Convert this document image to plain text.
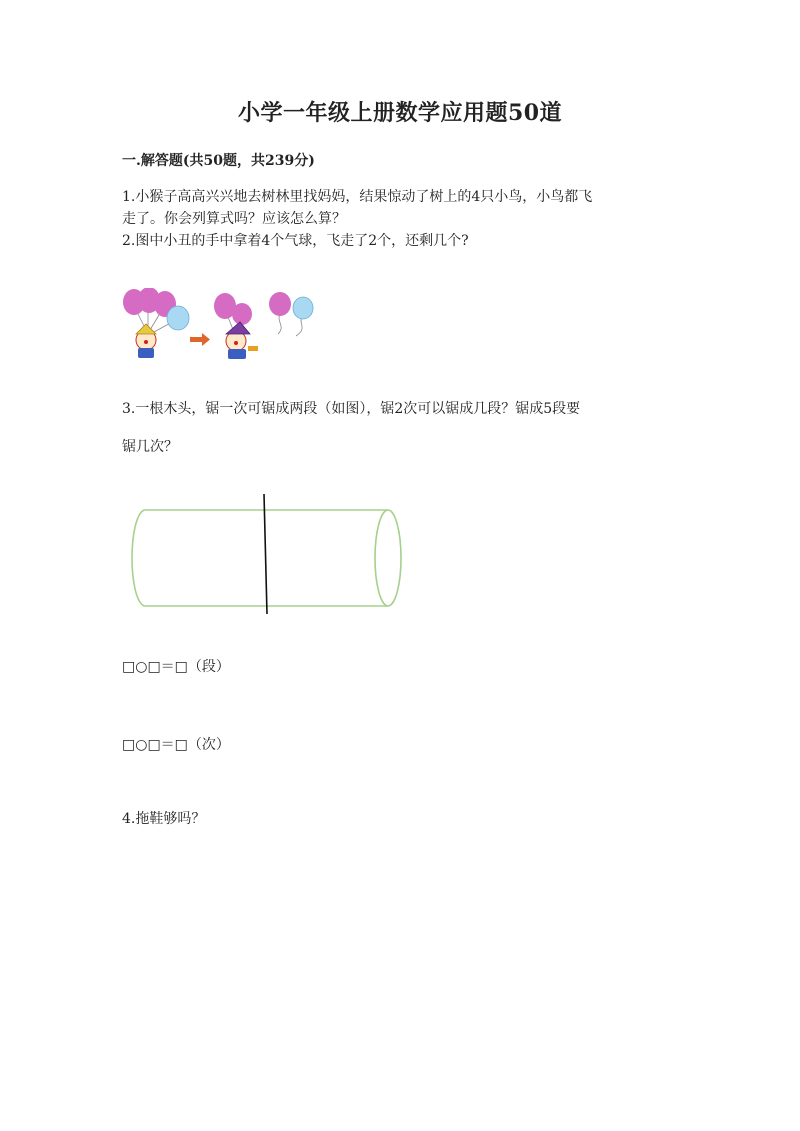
小学一年级上册数学应用题50道
一.解答题(共50题，共239分)
1.小猴子高高兴兴地去树林里找妈妈，结果惊动了树上的4只小鸟，小鸟都飞
走了。你会列算式吗？应该怎么算？
2.图中小丑的手中拿着4个气球，飞走了2个，还剩几个?
3.一根木头，锯一次可锯成两段（如图），锯2次可以锯成几段？锯成5段要
锯几次？
□○□＝□（段）
□○□＝□（次）
4.拖鞋够吗？
